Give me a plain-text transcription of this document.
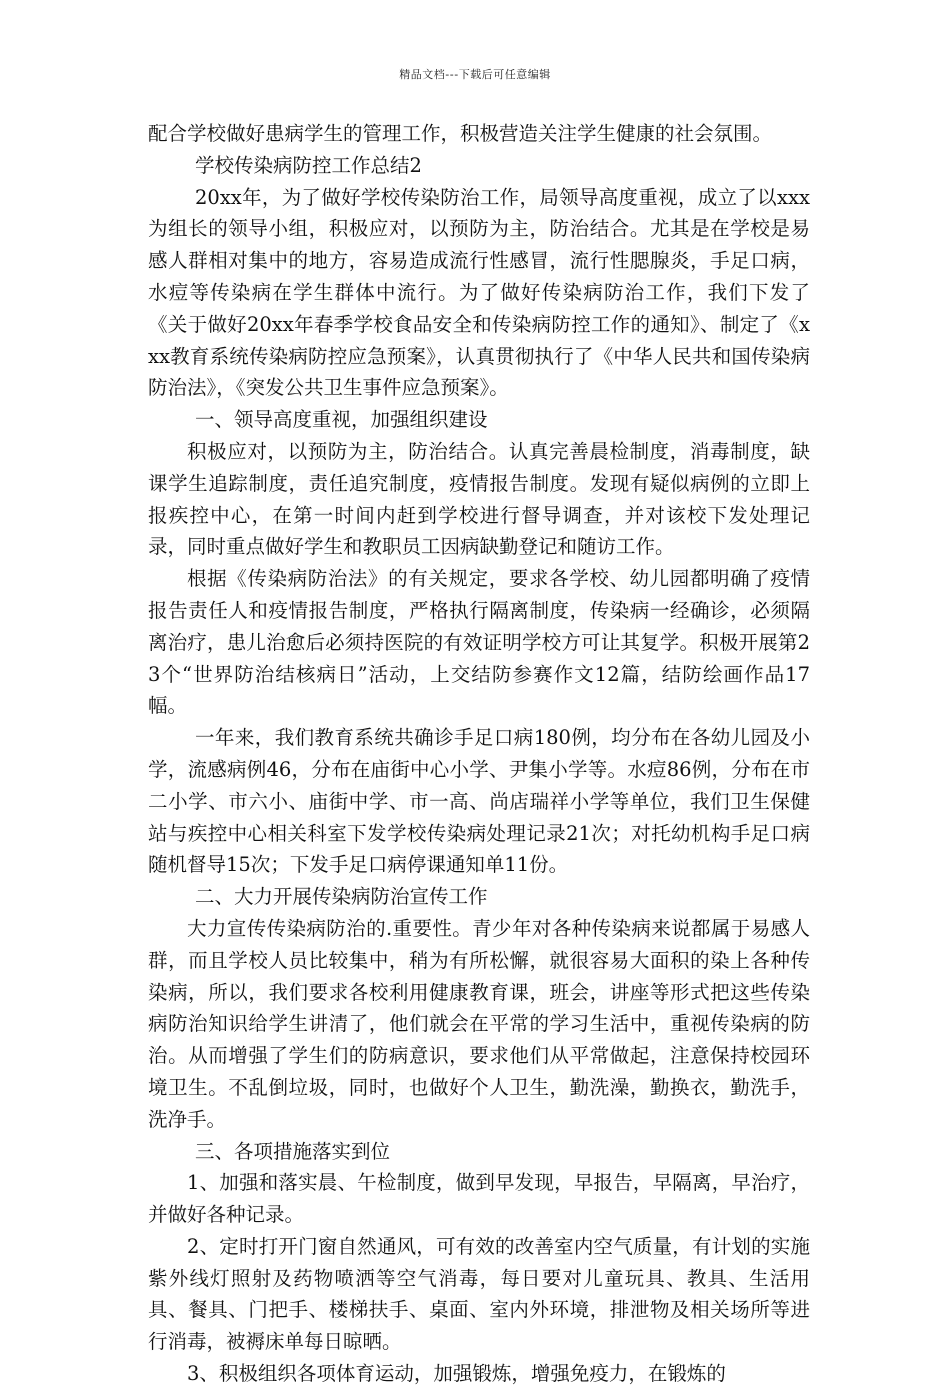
精品文档---下载后可任意编辑

配合学校做好患病学生的管理工作，积极营造关注学生健康的社会氛围。

学校传染病防控工作总结2

20xx年，为了做好学校传染防治工作，局领导高度重视，成立了以xxx为组长的领导小组，积极应对，以预防为主，防治结合。尤其是在学校是易感人群相对集中的地方，容易造成流行性感冒，流行性腮腺炎，手足口病，水痘等传染病在学生群体中流行。为了做好传染病防治工作，我们下发了《关于做好20xx年春季学校食品安全和传染病防控工作的通知》、制定了《xxx教育系统传染病防控应急预案》，认真贯彻执行了《中华人民共和国传染病防治法》，《突发公共卫生事件应急预案》。

一、领导高度重视，加强组织建设

积极应对，以预防为主，防治结合。认真完善晨检制度，消毒制度，缺课学生追踪制度，责任追究制度，疫情报告制度。发现有疑似病例的立即上报疾控中心，在第一时间内赶到学校进行督导调查，并对该校下发处理记录，同时重点做好学生和教职员工因病缺勤登记和随访工作。

根据《传染病防治法》的有关规定，要求各学校、幼儿园都明确了疫情报告责任人和疫情报告制度，严格执行隔离制度，传染病一经确诊，必须隔离治疗，患儿治愈后必须持医院的有效证明学校方可让其复学。积极开展第23个“世界防治结核病日”活动，上交结防参赛作文12篇，结防绘画作品17幅。

一年来，我们教育系统共确诊手足口病180例，均分布在各幼儿园及小学，流感病例46，分布在庙街中心小学、尹集小学等。水痘86例，分布在市二小学、市六小、庙街中学、市一高、尚店瑞祥小学等单位，我们卫生保健站与疾控中心相关科室下发学校传染病处理记录21次；对托幼机构手足口病随机督导15次；下发手足口病停课通知单11份。

二、大力开展传染病防治宣传工作

大力宣传传染病防治的.重要性。青少年对各种传染病来说都属于易感人群，而且学校人员比较集中，稍为有所松懈，就很容易大面积的染上各种传染病，所以，我们要求各校利用健康教育课，班会，讲座等形式把这些传染病防治知识给学生讲清了，他们就会在平常的学习生活中，重视传染病的防治。从而增强了学生们的防病意识，要求他们从平常做起，注意保持校园环境卫生。不乱倒垃圾，同时，也做好个人卫生，勤洗澡，勤换衣，勤洗手，洗净手。

三、各项措施落实到位

1、加强和落实晨、午检制度，做到早发现，早报告，早隔离，早治疗，并做好各种记录。

2、定时打开门窗自然通风，可有效的改善室内空气质量，有计划的实施紫外线灯照射及药物喷洒等空气消毒，每日要对儿童玩具、教具、生活用具、餐具、门把手、楼梯扶手、桌面、室内外环境，排泄物及相关场所等进行消毒，被褥床单每日晾晒。

3、积极组织各项体育运动，加强锻炼，增强免疫力，在锻炼的
